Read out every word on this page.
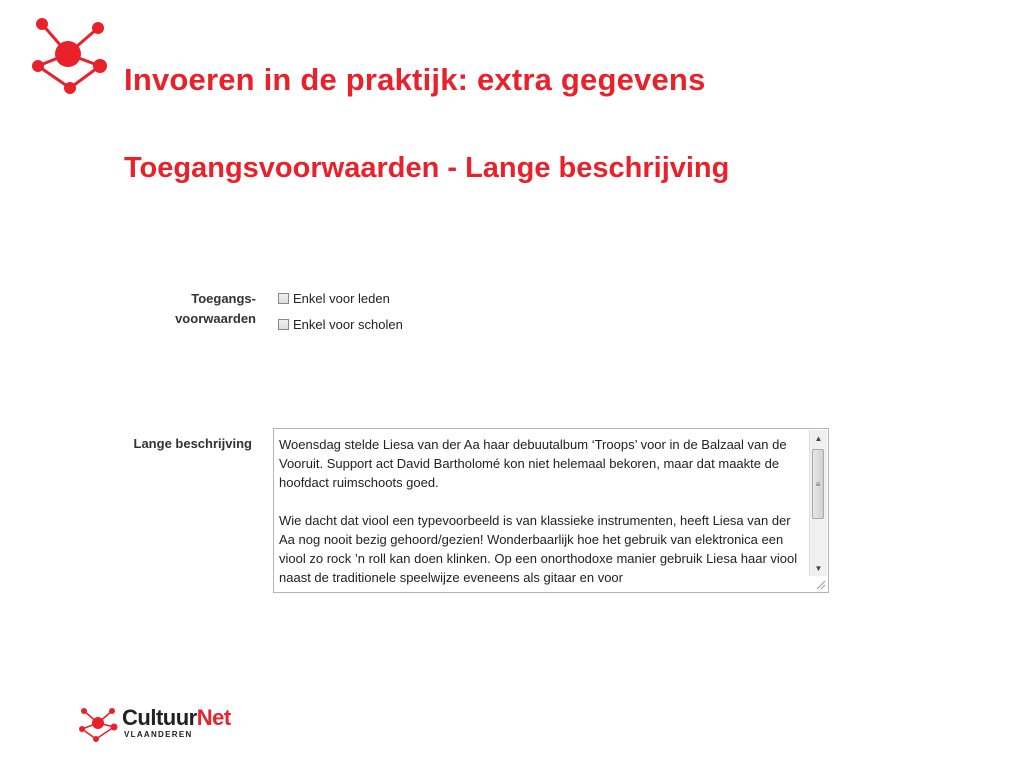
Invoeren in de praktijk: extra gegevens
Toegangsvoorwaarden - Lange beschrijving
Toegangs-
voorwaarden
Enkel voor leden
Enkel voor scholen
Lange beschrijving Woensdag stelde Liesa van der Aa haar debuutalbum ‘Troops’ voor in de Balzaal van de Vooruit. Support act David Bartholomé kon niet helemaal bekoren, maar dat maakte de hoofdact ruimschoots goed.

Wie dacht dat viool een typevoorbeeld is van klassieke instrumenten, heeft Liesa van der Aa nog nooit bezig gehoord/gezien! Wonderbaarlijk hoe het gebruik van elektronica een viool zo rock ’n roll kan doen klinken. Op een onorthodoxe manier gebruik Liesa haar viool naast de traditionele speelwijze eveneens als gitaar en voor

▲
≡
▼
CultuurNet
VLAANDEREN
